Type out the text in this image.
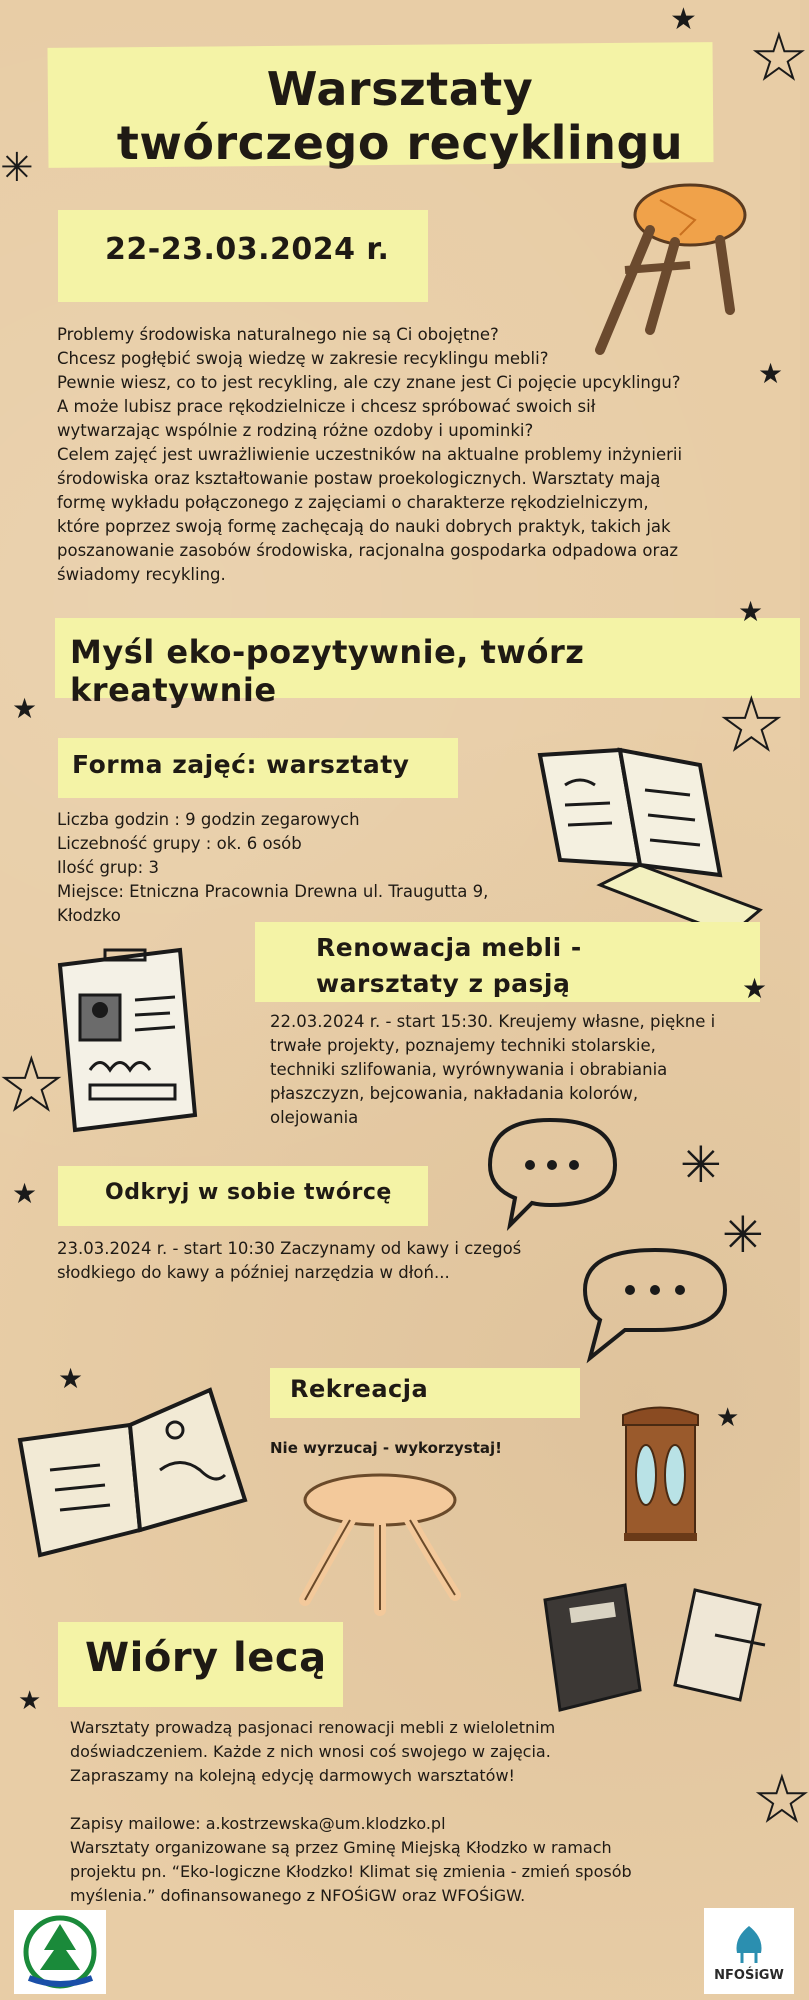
Warsztaty
twórczego recyklingu
22-23.03.2024 r.
Problemy środowiska naturalnego nie są Ci obojętne?
Chcesz pogłębić swoją wiedzę w zakresie recyklingu mebli?
Pewnie wiesz, co to jest recykling, ale czy znane jest Ci pojęcie upcyklingu?
A może lubisz prace rękodzielnicze i chcesz spróbować swoich sił
wytwarzając wspólnie z rodziną różne ozdoby i upominki?
Celem zajęć jest uwrażliwienie uczestników na aktualne problemy inżynierii
środowiska oraz kształtowanie postaw proekologicznych. Warsztaty mają
formę wykładu połączonego z zajęciami o charakterze rękodzielniczym,
które poprzez swoją formę zachęcają do nauki dobrych praktyk, takich jak
poszanowanie zasobów środowiska, racjonalna gospodarka odpadowa oraz
świadomy recykling.
Myśl eko-pozytywnie, twórz kreatywnie
Forma zajęć: warsztaty
Liczba godzin : 9 godzin zegarowych
Liczebność grupy : ok. 6 osób
Ilość grup: 3
Miejsce: Etniczna Pracownia Drewna ul. Traugutta 9,
Kłodzko
Renowacja mebli -
warsztaty z pasją
22.03.2024 r. - start 15:30. Kreujemy własne, piękne i
trwałe projekty, poznajemy techniki stolarskie,
techniki szlifowania, wyrównywania i obrabiania
płaszczyzn, bejcowania, nakładania kolorów,
olejowania
Odkryj w sobie twórcę
23.03.2024 r. - start 10:30 Zaczynamy od kawy i czegoś
słodkiego do kawy a później narzędzia w dłoń...
Rekreacja
Nie wyrzucaj - wykorzystaj!
Wióry lecą
Warsztaty prowadzą pasjonaci renowacji mebli z wieloletnim
doświadczeniem. Każde z nich wnosi coś swojego w zajęcia.
Zapraszamy na kolejną edycję darmowych warsztatów!
Zapisy mailowe: a.kostrzewska@um.klodzko.pl
Warsztaty organizowane są przez Gminę Miejską Kłodzko w ramach
projektu pn. “Eko-logiczne Kłodzko! Klimat się zmienia - zmień sposób
myślenia.” dofinansowanego z NFOŚiGW oraz WFOŚiGW.
NFOŚiGW
★
★
✳
★
★
★	★
★
★
★	✳
✳
★
★
★
★
